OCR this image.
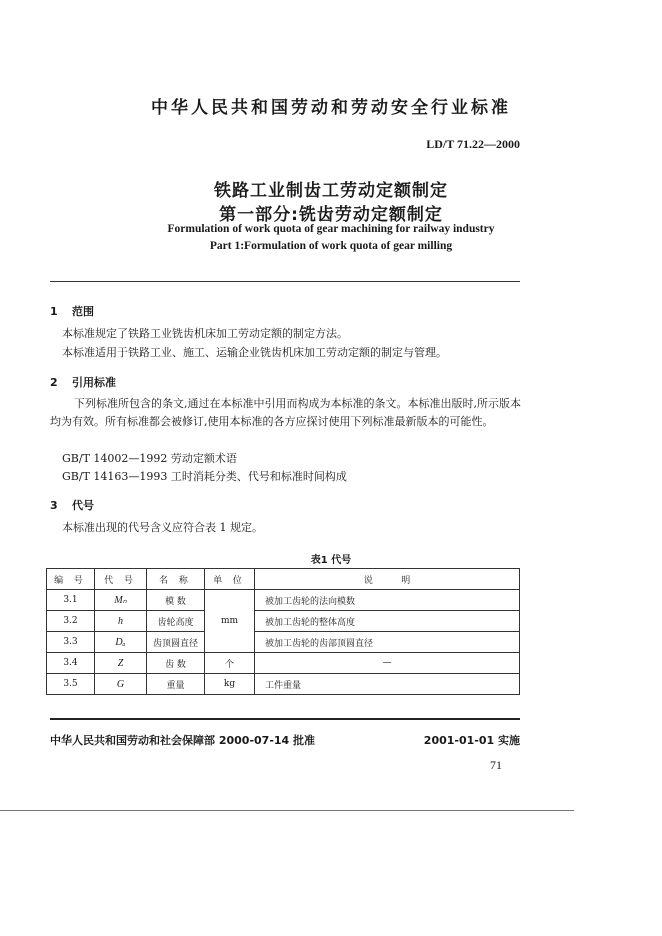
中华人民共和国劳动和劳动安全行业标准
LD/T 71.22—2000
铁路工业制齿工劳动定额制定
第一部分:铣齿劳动定额制定
Formulation of work quota of gear machining for railway industry
Part 1:Formulation of work quota of gear milling
1 范围
本标准规定了铁路工业铣齿机床加工劳动定额的制定方法。
本标准适用于铁路工业、施工、运输企业铣齿机床加工劳动定额的制定与管理。
2 引用标准
下列标准所包含的条文,通过在本标准中引用而构成为本标准的条文。本标准出版时,所示版本均为有效。所有标准都会被修订,使用本标准的各方应探讨使用下列标准最新版本的可能性。
GB/T 14002—1992 劳动定额术语
GB/T 14163—1993 工时消耗分类、代号和标准时间构成
3 代号
本标准出现的代号含义应符合表 1 规定。
表1 代号
编 号	代 号	名 称	单 位	说          明
3.1	Mₙ	模 数	mm	被加工齿轮的法向模数
3.2	h	齿轮高度		被加工齿轮的整体高度
3.3	Dₐ	齿顶圆直径		被加工齿轮的齿部顶圆直径
3.4	Z	齿 数	个	—
3.5	G	重量	kg	工件重量
中华人民共和国劳动和社会保障部 2000-07-14 批准	2001-01-01 实施
71
